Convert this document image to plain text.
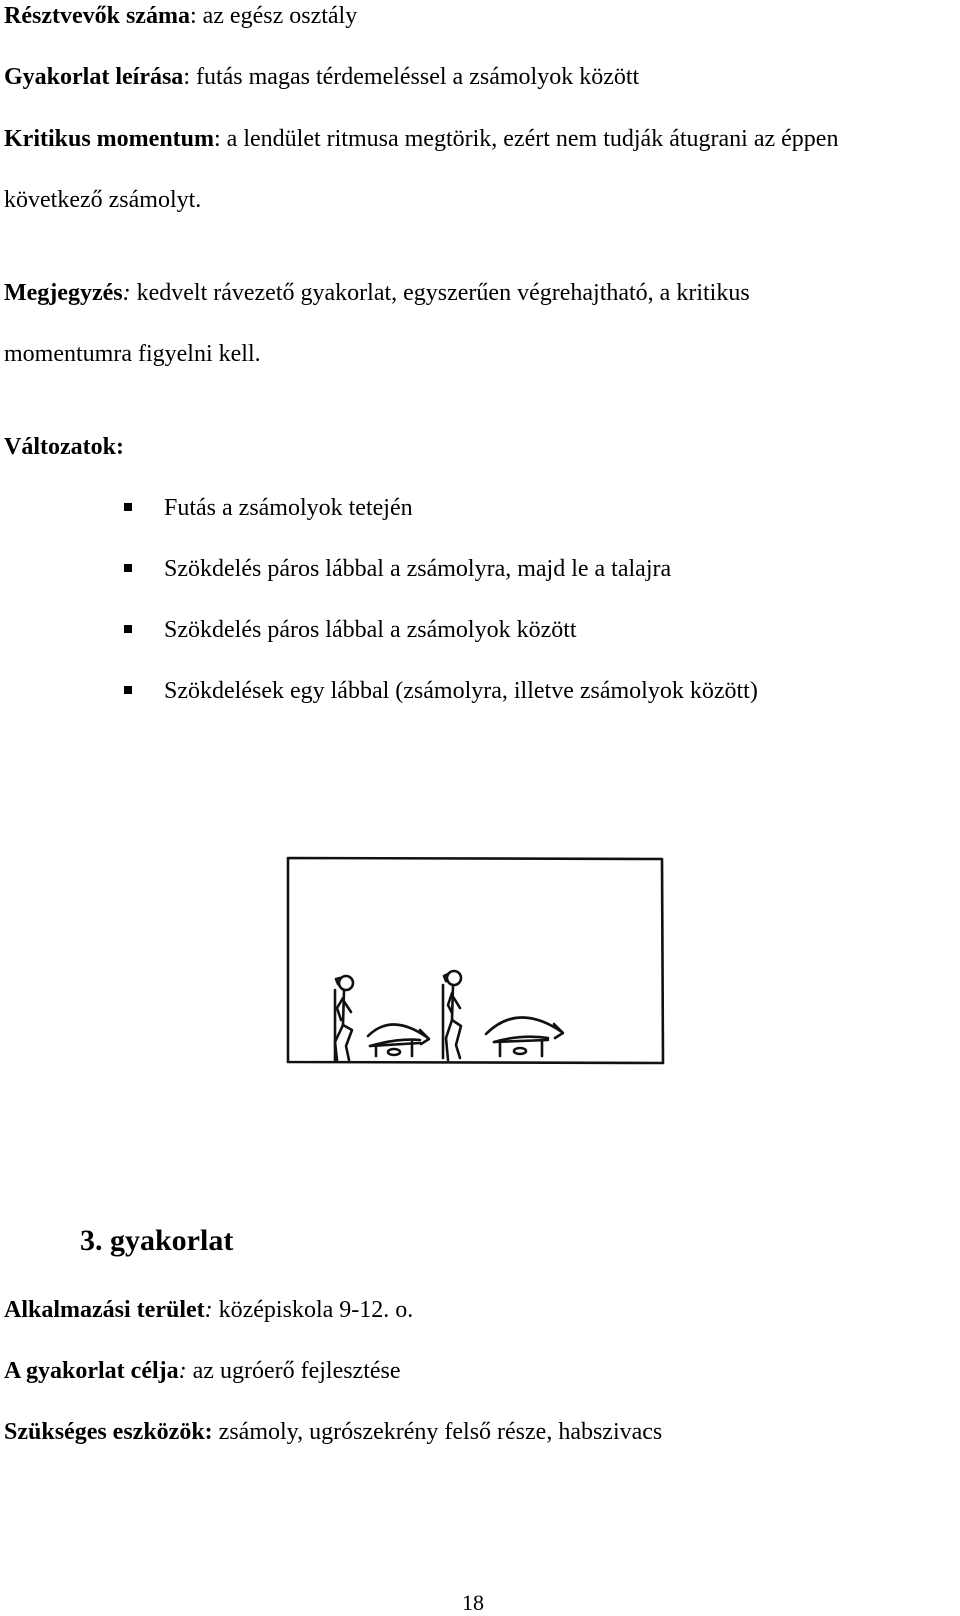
Résztvevők száma: az egész osztály
Gyakorlat leírása: futás magas térdemeléssel a zsámolyok között
Kritikus momentum: a lendület ritmusa megtörik, ezért nem tudják átugrani az éppen
következő zsámolyt.
Megjegyzés: kedvelt rávezető gyakorlat, egyszerűen végrehajtható, a kritikus
momentumra figyelni kell.
Változatok:
Futás a zsámolyok tetején
Szökdelés páros lábbal a zsámolyra, majd le a talajra
Szökdelés páros lábbal a zsámolyok között
Szökdelések egy lábbal (zsámolyra, illetve zsámolyok között)
3. gyakorlat
Alkalmazási terület: középiskola 9-12. o.
A gyakorlat célja: az ugróerő fejlesztése
Szükséges eszközök: zsámoly, ugrószekrény felső része, habszivacs
18
